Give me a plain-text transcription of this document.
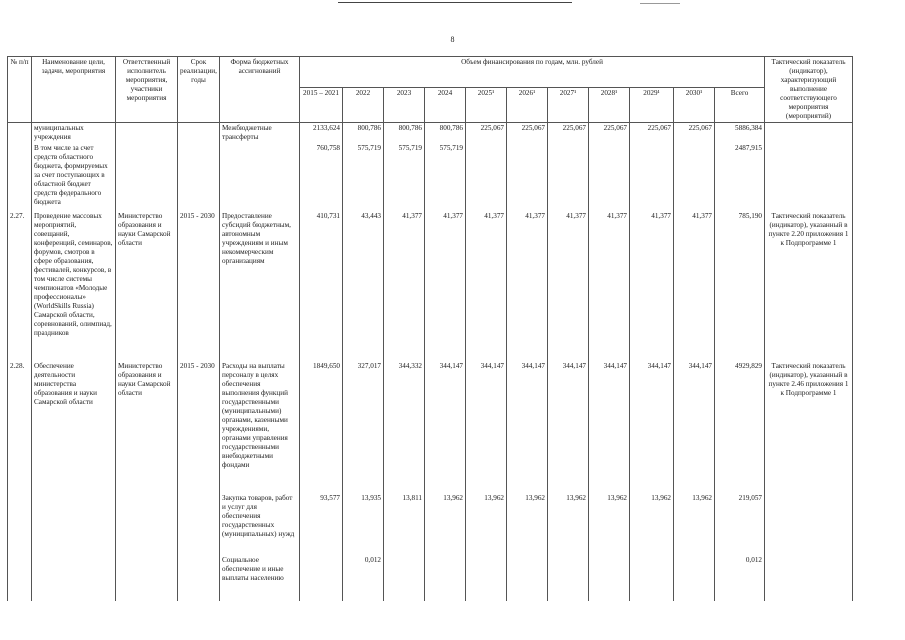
8
№ п/п	Наименование цели, задачи, мероприятия	Ответственный исполнитель мероприятия, участники мероприятия	Срок реализации, годы	Форма бюджетных ассигнований	Объем финансирования по годам, млн. рублей											Тактический показатель (индикатор), характеризующий выполнение соответствующего мероприятия (мероприятий)
					2015 – 2021	2022	2023	2024	2025¹	2026¹	2027¹	2028¹	2029¹	2030¹	Всего	
	муниципальных учреждения			Межбюджетные трансферты	2133,624	800,786	800,786	800,786	225,067	225,067	225,067	225,067	225,067	225,067	5886,384	
	В том числе за счет средств областного бюджета, формируемых за счет поступающих в областной бюджет средств федерального бюджета				760,758	575,719	575,719	575,719							2487,915	
2.27.	Проведение массовых мероприятий, совещаний, конференций, семинаров, форумов, смотров в сфере образования, фестивалей, конкурсов, в том числе системы чемпионатов «Молодые профессионалы» (WorldSkills Russia) Самарской области, соревнований, олимпиад, праздников	Министерство образования и науки Самарской области	2015 - 2030	Предоставление субсидий бюджетным, автономным учреждениям и иным некоммерческим организациям	410,731	43,443	41,377	41,377	41,377	41,377	41,377	41,377	41,377	41,377	785,190	Тактический показатель (индикатор), указанный в пункте 2.20 приложения 1 к Подпрограмме 1
2.28.	Обеспечение деятельности министерства образования и науки Самарской области	Министерство образования и науки Самарской области	2015 - 2030	Расходы на выплаты персоналу в целях обеспечения выполнения функций государственными (муниципальными) органами, казенными учреждениями, органами управления государственными внебюджетными фондами	1849,650	327,017	344,332	344,147	344,147	344,147	344,147	344,147	344,147	344,147	4929,829	Тактический показатель (индикатор), указанный в пункте 2.46 приложения 1 к Подпрограмме 1
				Закупка товаров, работ и услуг для обеспечения государственных (муниципальных) нужд	93,577	13,935	13,811	13,962	13,962	13,962	13,962	13,962	13,962	13,962	219,057	
				Социальное обеспечение и иные выплаты населению		0,012									0,012	
